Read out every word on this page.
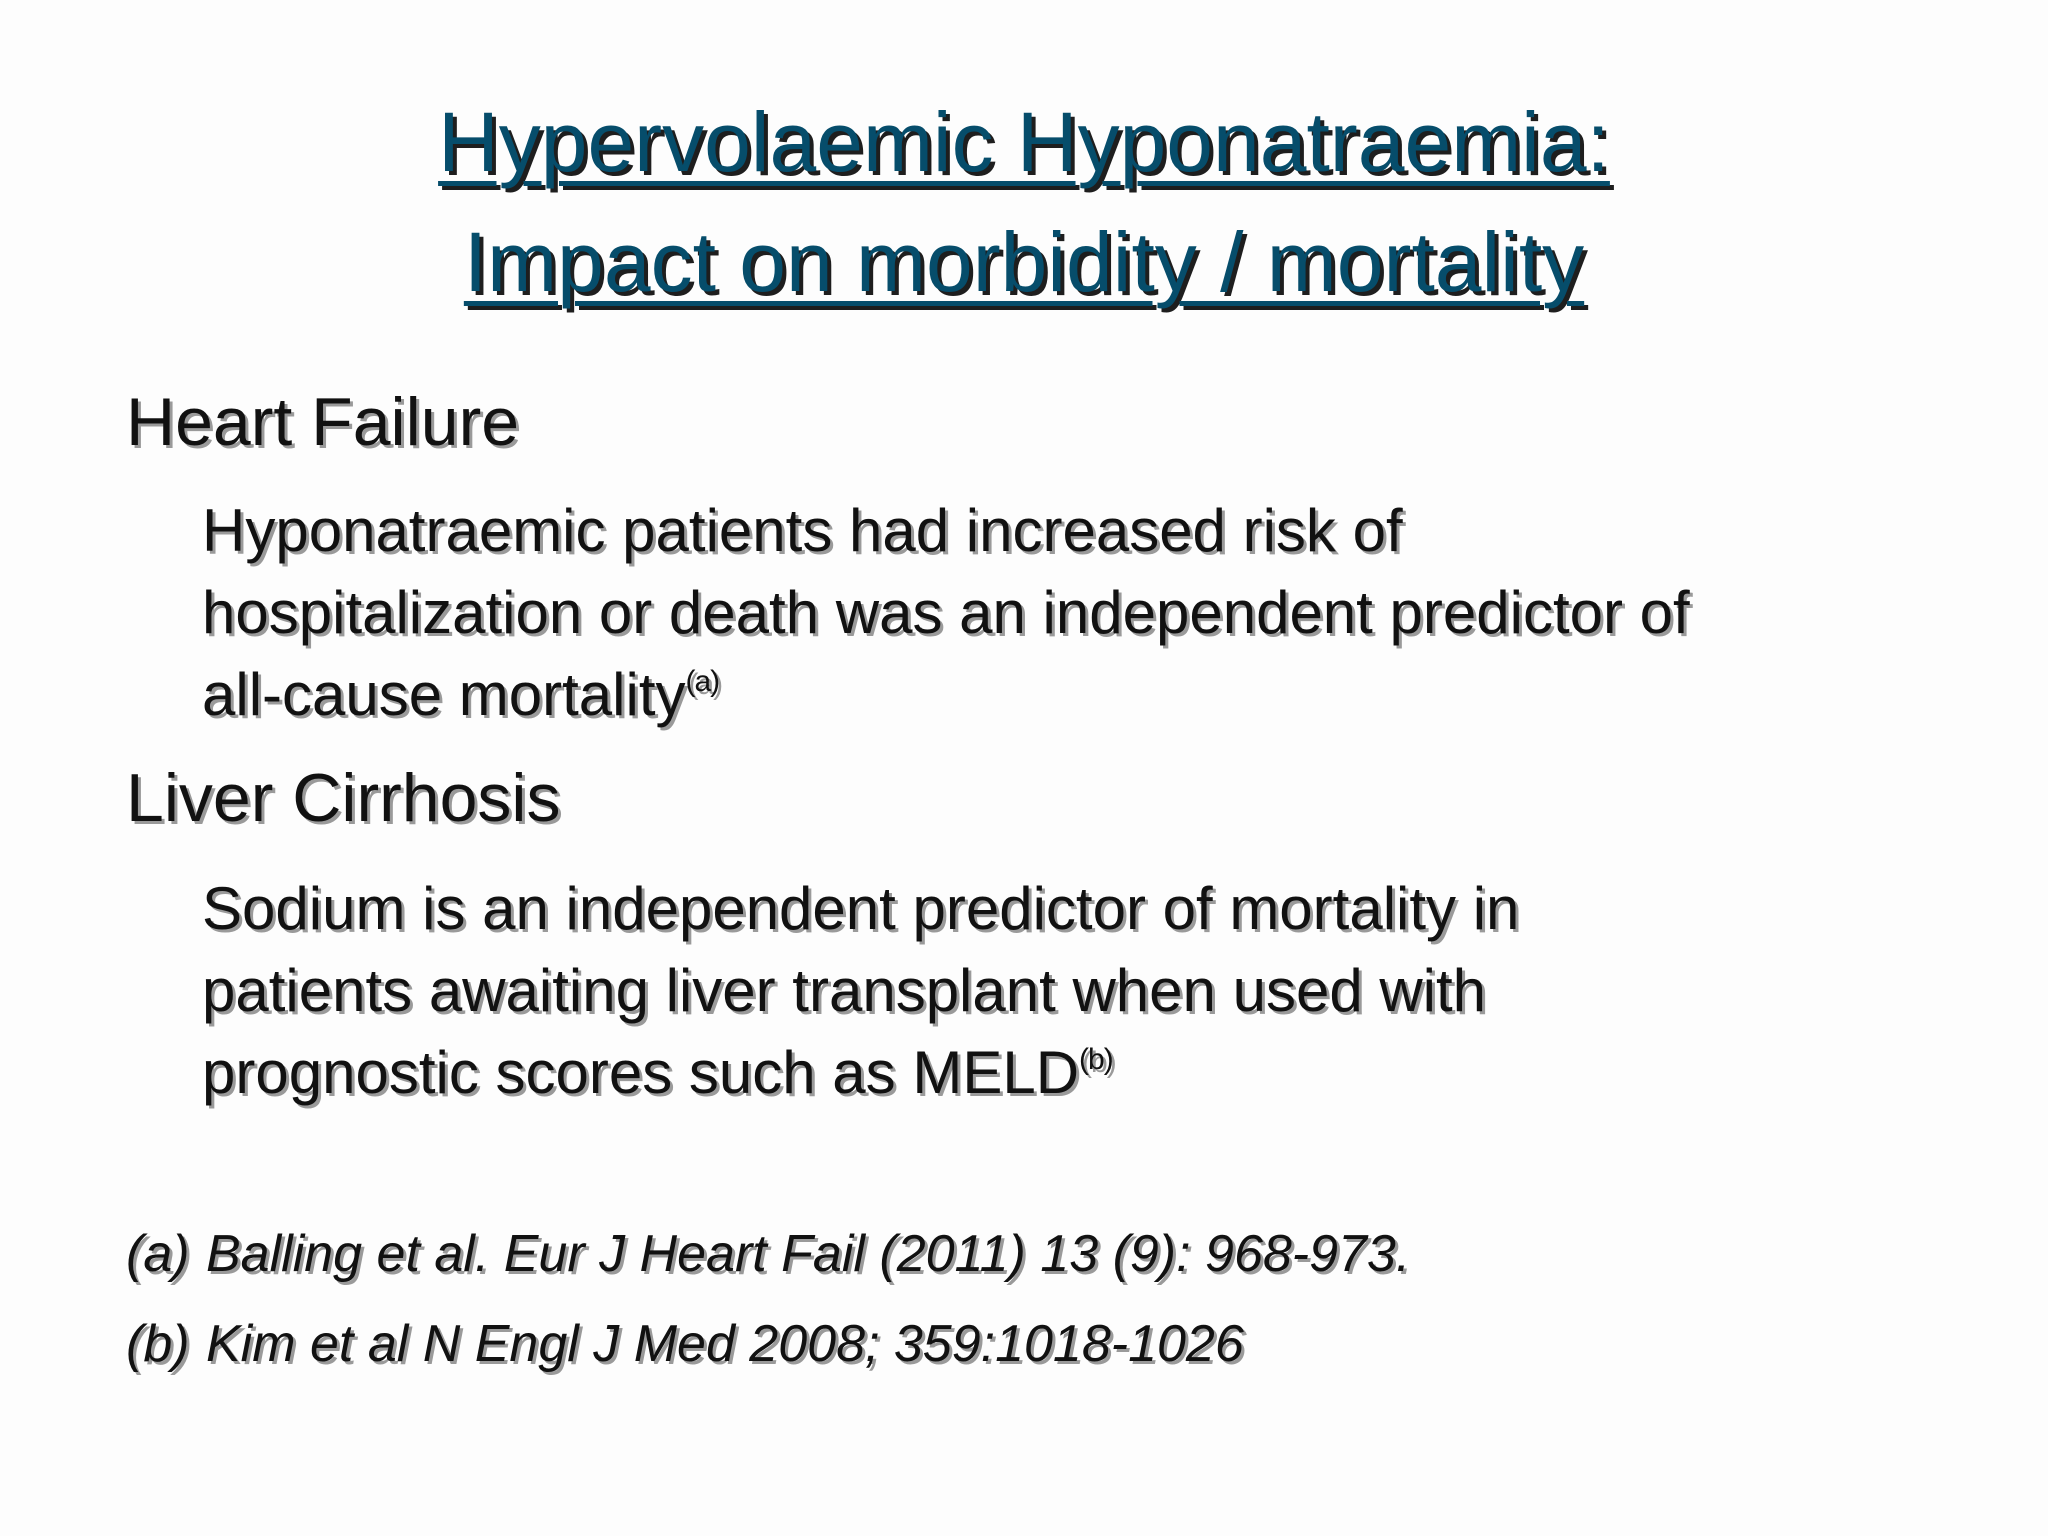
Hypervolaemic Hyponatraemia:
Impact on morbidity / mortality
Heart Failure
Hyponatraemic patients had increased risk of
hospitalization or death was an independent predictor of
all-cause mortality$^{(a)}$
Liver Cirrhosis
Sodium is an independent predictor of mortality in
patients awaiting liver transplant when used with
prognostic scores such as MELD$^{(b)}$
(a) Balling et al. Eur J Heart Fail (2011) 13 (9): 968-973.
(b) Kim et al N Engl J Med 2008; 359:1018-1026
